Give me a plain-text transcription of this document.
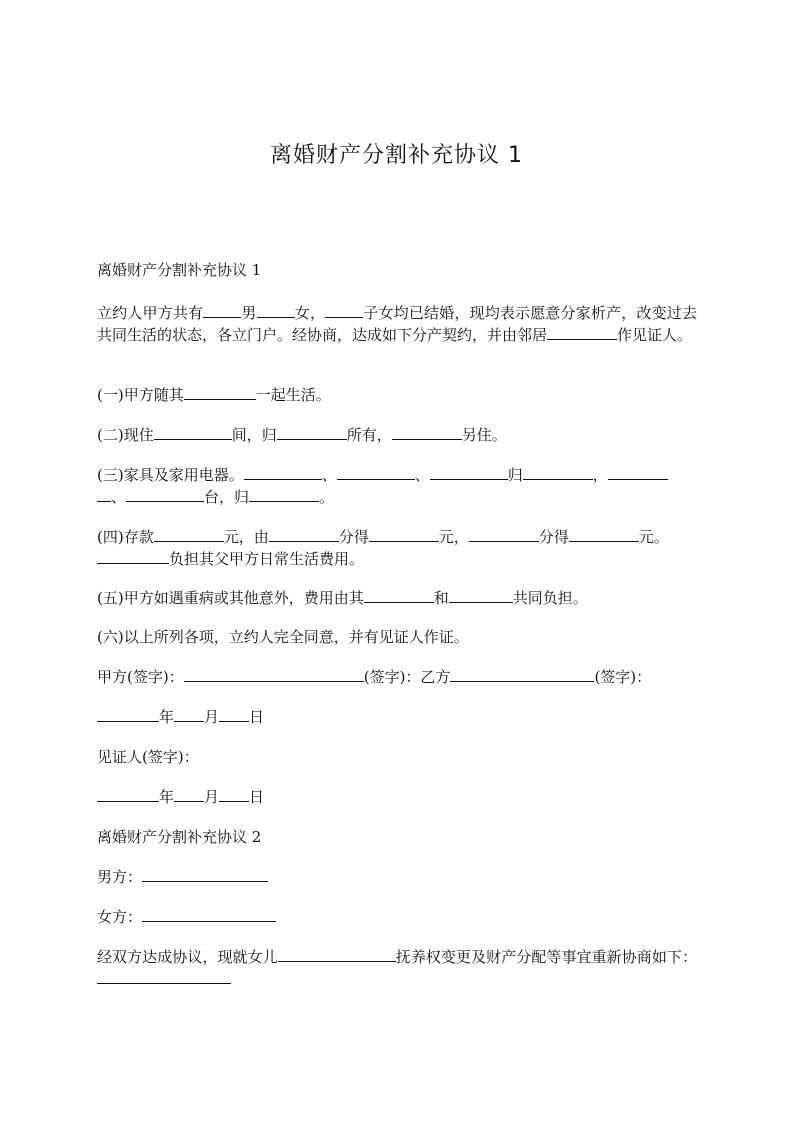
离婚财产分割补充协议 1
离婚财产分割补充协议 1
立约人甲方共有	男	女，	子女均已结婚，现均表示愿意分家析产，改变过去共同生活的状态，各立门户。经协商，达成如下分产契约，并由邻居	作见证人。
(一)甲方随其	一起生活。
(二)现住	间，归	所有，	另住。
(三)家具及家用电器。	、	、	归	，
、	台，归	。
(四)存款	元，由	分得	元，	分得	元。
负担其父甲方日常生活费用。
(五)甲方如遇重病或其他意外，费用由其	和	共同负担。
(六)以上所列各项，立约人完全同意，并有见证人作证。
甲方(签字)：	(签字)：乙方	(签字)：
年 月 日
见证人(签字)：
年 月 日
离婚财产分割补充协议 2
男方：
女方：
经双方达成协议，现就女儿	抚养权变更及财产分配等事宜重新协商如下：
